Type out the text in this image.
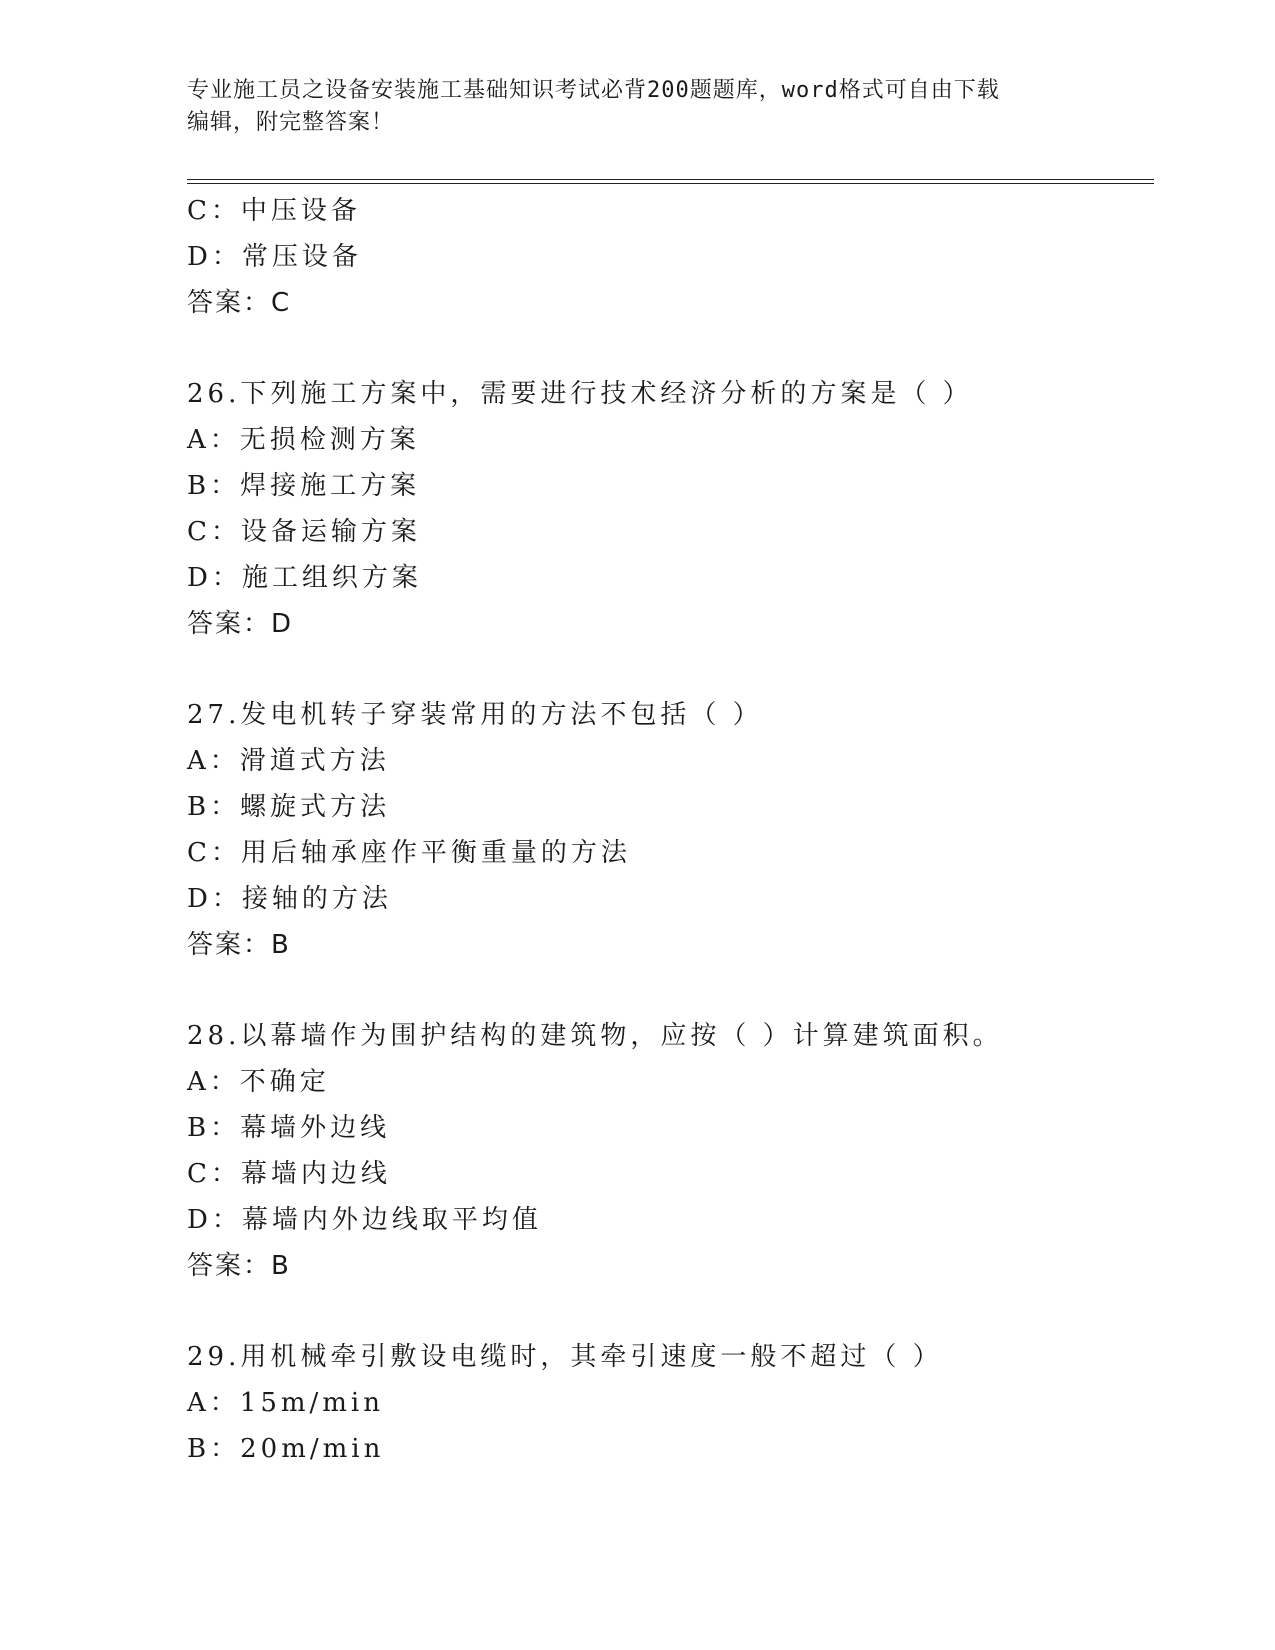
专业施工员之设备安装施工基础知识考试必背200题题库，word格式可自由下载

编辑，附完整答案！

C：中压设备
D：常压设备
答案：C
26.下列施工方案中，需要进行技术经济分析的方案是（ ）
A：无损检测方案
B：焊接施工方案
C：设备运输方案
D：施工组织方案
答案：D
27.发电机转子穿装常用的方法不包括（ ）
A：滑道式方法
B：螺旋式方法
C：用后轴承座作平衡重量的方法
D：接轴的方法
答案：B
28.以幕墙作为围护结构的建筑物，应按（ ）计算建筑面积。
A：不确定
B：幕墙外边线
C：幕墙内边线
D：幕墙内外边线取平均值
答案：B
29.用机械牵引敷设电缆时，其牵引速度一般不超过（ ）
A：15m/min
B：20m/min
